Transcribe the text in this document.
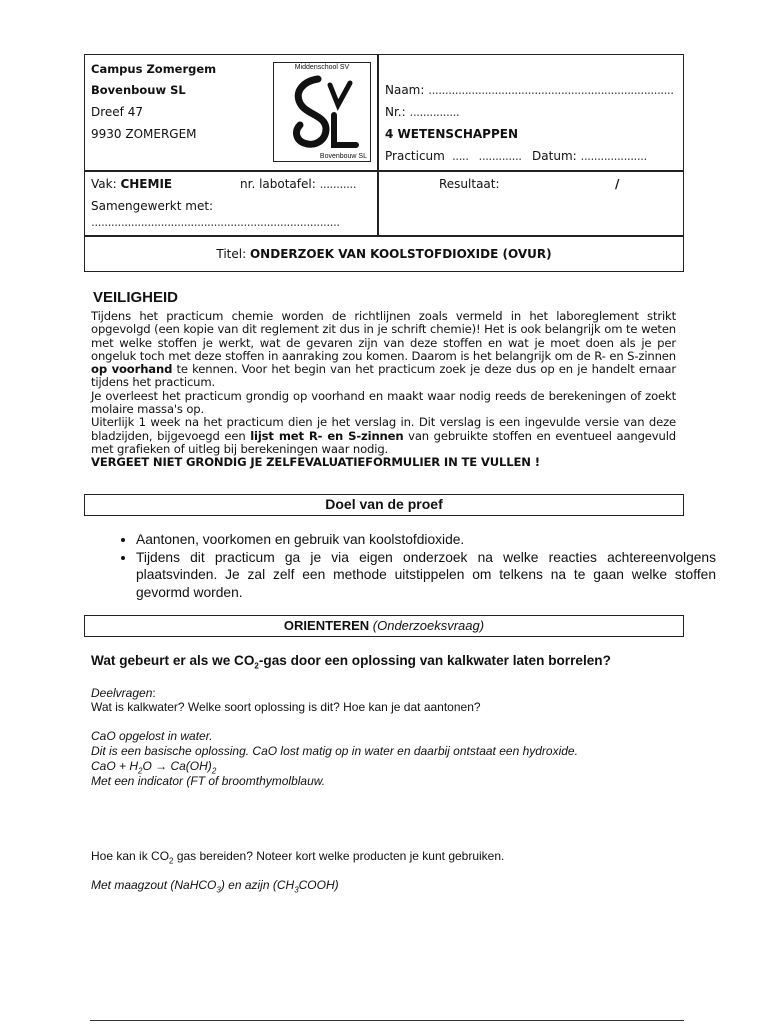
Campus Zomergem
Bovenbouw SL
Dreef 47
9930 ZOMERGEM
Middenschool SV
Bovenbouw SL
Naam: ..........................................................................
Nr.: ...............
4 WETENSCHAPPEN
Practicum  .....   .............   Datum: ....................
Vak: CHEMIE	nr. labotafel: ...........
Samengewerkt met:
...........................................................................
Resultaat:	/
Titel: ONDERZOEK VAN KOOLSTOFDIOXIDE (OVUR)
VEILIGHEID

Tijdens het practicum chemie worden de richtlijnen zoals vermeld in het laboreglement strikt opgevolgd (een kopie van dit reglement zit dus in je schrift chemie)! Het is ook belangrijk om te weten met welke stoffen je werkt, wat de gevaren zijn van deze stoffen en wat je moet doen als je per ongeluk toch met deze stoffen in aanraking zou komen. Daarom is het belangrijk om de R- en S-zinnen op voorhand te kennen. Voor het begin van het practicum zoek je deze dus op en je handelt ernaar tijdens het practicum.

Je overleest het practicum grondig op voorhand en maakt waar nodig reeds de berekeningen of zoekt molaire massa's op.

Uiterlijk 1 week na het practicum dien je het verslag in. Dit verslag is een ingevulde versie van deze bladzijden, bijgevoegd een lijst met R- en S-zinnen van gebruikte stoffen en eventueel aangevuld met grafieken of uitleg bij berekeningen waar nodig.

VERGEET NIET GRONDIG JE ZELFEVALUATIEFORMULIER IN TE VULLEN !

Doel van de proef
• Aantonen, voorkomen en gebruik van koolstofdioxide.
• Tijdens dit practicum ga je via eigen onderzoek na welke reacties achtereenvolgens plaatsvinden. Je zal zelf een methode uitstippelen om telkens na te gaan welke stoffen gevormd worden.
ORIENTEREN (Onderzoeksvraag)
Wat gebeurt er als we $CO_2$-gas door een oplossing van kalkwater laten borrelen?
Deelvragen:
Wat is kalkwater? Welke soort oplossing is dit? Hoe kan je dat aantonen?
CaO opgelost in water.
Dit is een basische oplossing. CaO lost matig op in water en daarbij ontstaat een hydroxide.
CaO + $H_2O \to Ca(OH)_2$
Met een indicator (FT of broomthymolblauw.
Hoe kan ik $CO_2$ gas bereiden? Noteer kort welke producten je kunt gebruiken.
Met maagzout (NaHCO$_3$) en azijn $(CH_3COOH)$
